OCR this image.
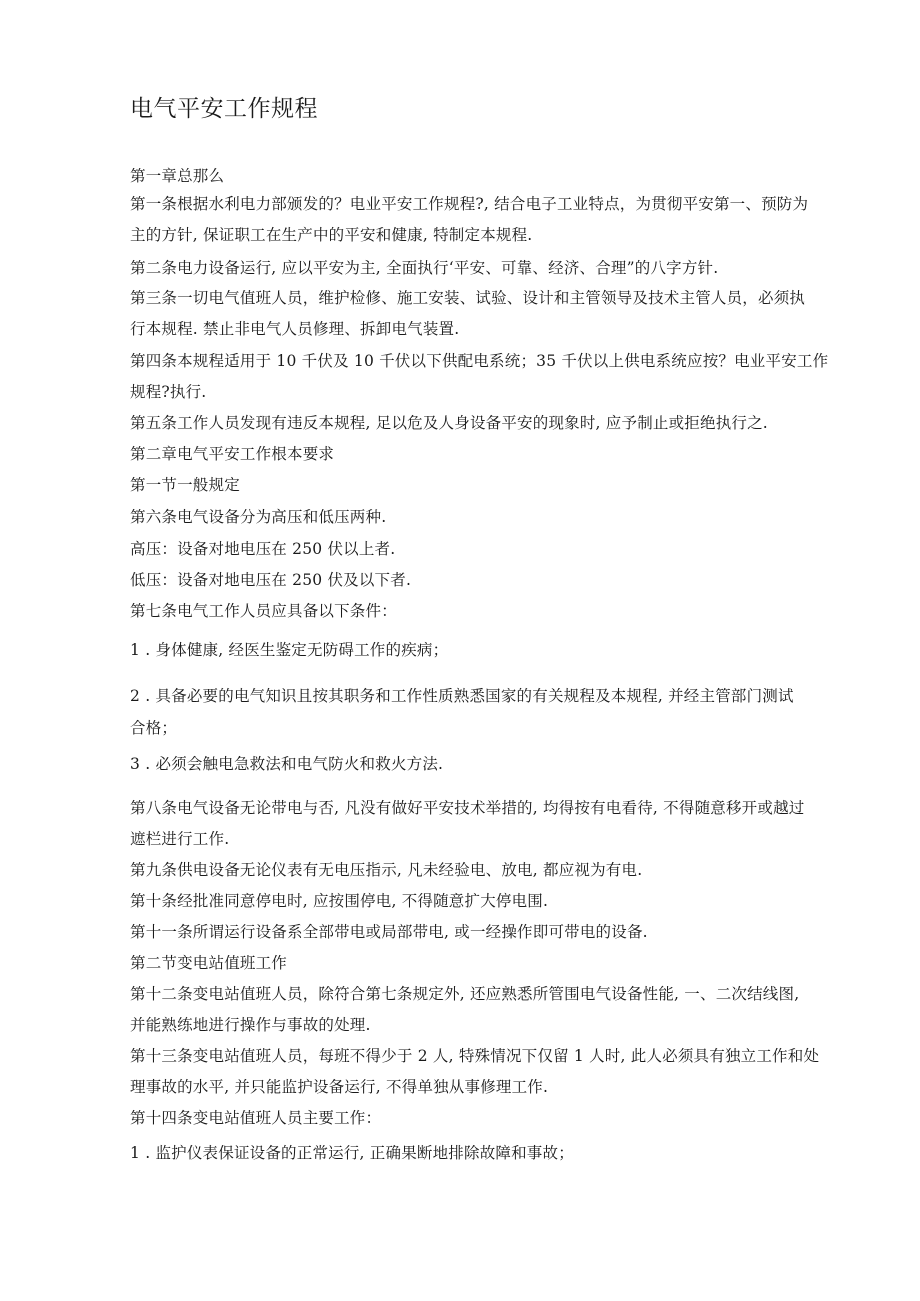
电气平安工作规程
第一章总那么
第一条根据水利电力部颁发的？电业平安工作规程?, 结合电子工业特点，为贯彻平安第一、预防为
主的方针, 保证职工在生产中的平安和健康, 特制定本规程.
第二条电力设备运行, 应以平安为主, 全面执行‘平安、可靠、经济、合理”的八字方针.
第三条一切电气值班人员，维护检修、施工安装、试验、设计和主管领导及技术主管人员，必须执
行本规程. 禁止非电气人员修理、拆卸电气装置.
第四条本规程适用于 10 千伏及 10 千伏以下供配电系统；35 千伏以上供电系统应按？电业平安工作
规程?执行.
第五条工作人员发现有违反本规程, 足以危及人身设备平安的现象时, 应予制止或拒绝执行之.
第二章电气平安工作根本要求
第一节一般规定
第六条电气设备分为高压和低压两种.
高压：设备对地电压在 250 伏以上者.
低压：设备对地电压在 250 伏及以下者.
第七条电气工作人员应具备以下条件：
1 . 身体健康, 经医生鉴定无防碍工作的疾病；
2 . 具备必要的电气知识且按其职务和工作性质熟悉国家的有关规程及本规程, 并经主管部门测试
合格；
3 . 必须会触电急救法和电气防火和救火方法.
第八条电气设备无论带电与否, 凡没有做好平安技术举措的, 均得按有电看待, 不得随意移开或越过
遮栏进行工作.
第九条供电设备无论仪表有无电压指示, 凡未经验电、放电, 都应视为有电.
第十条经批准同意停电时, 应按围停电, 不得随意扩大停电围.
第十一条所谓运行设备系全部带电或局部带电, 或一经操作即可带电的设备.
第二节变电站值班工作
第十二条变电站值班人员，除符合第七条规定外, 还应熟悉所管围电气设备性能, 一、二次结线图,
并能熟练地进行操作与事故的处理.
第十三条变电站值班人员，每班不得少于 2 人, 特殊情况下仅留 1 人时, 此人必须具有独立工作和处
理事故的水平, 并只能监护设备运行, 不得单独从事修理工作.
第十四条变电站值班人员主要工作：
1 . 监护仪表保证设备的正常运行, 正确果断地排除故障和事故；
